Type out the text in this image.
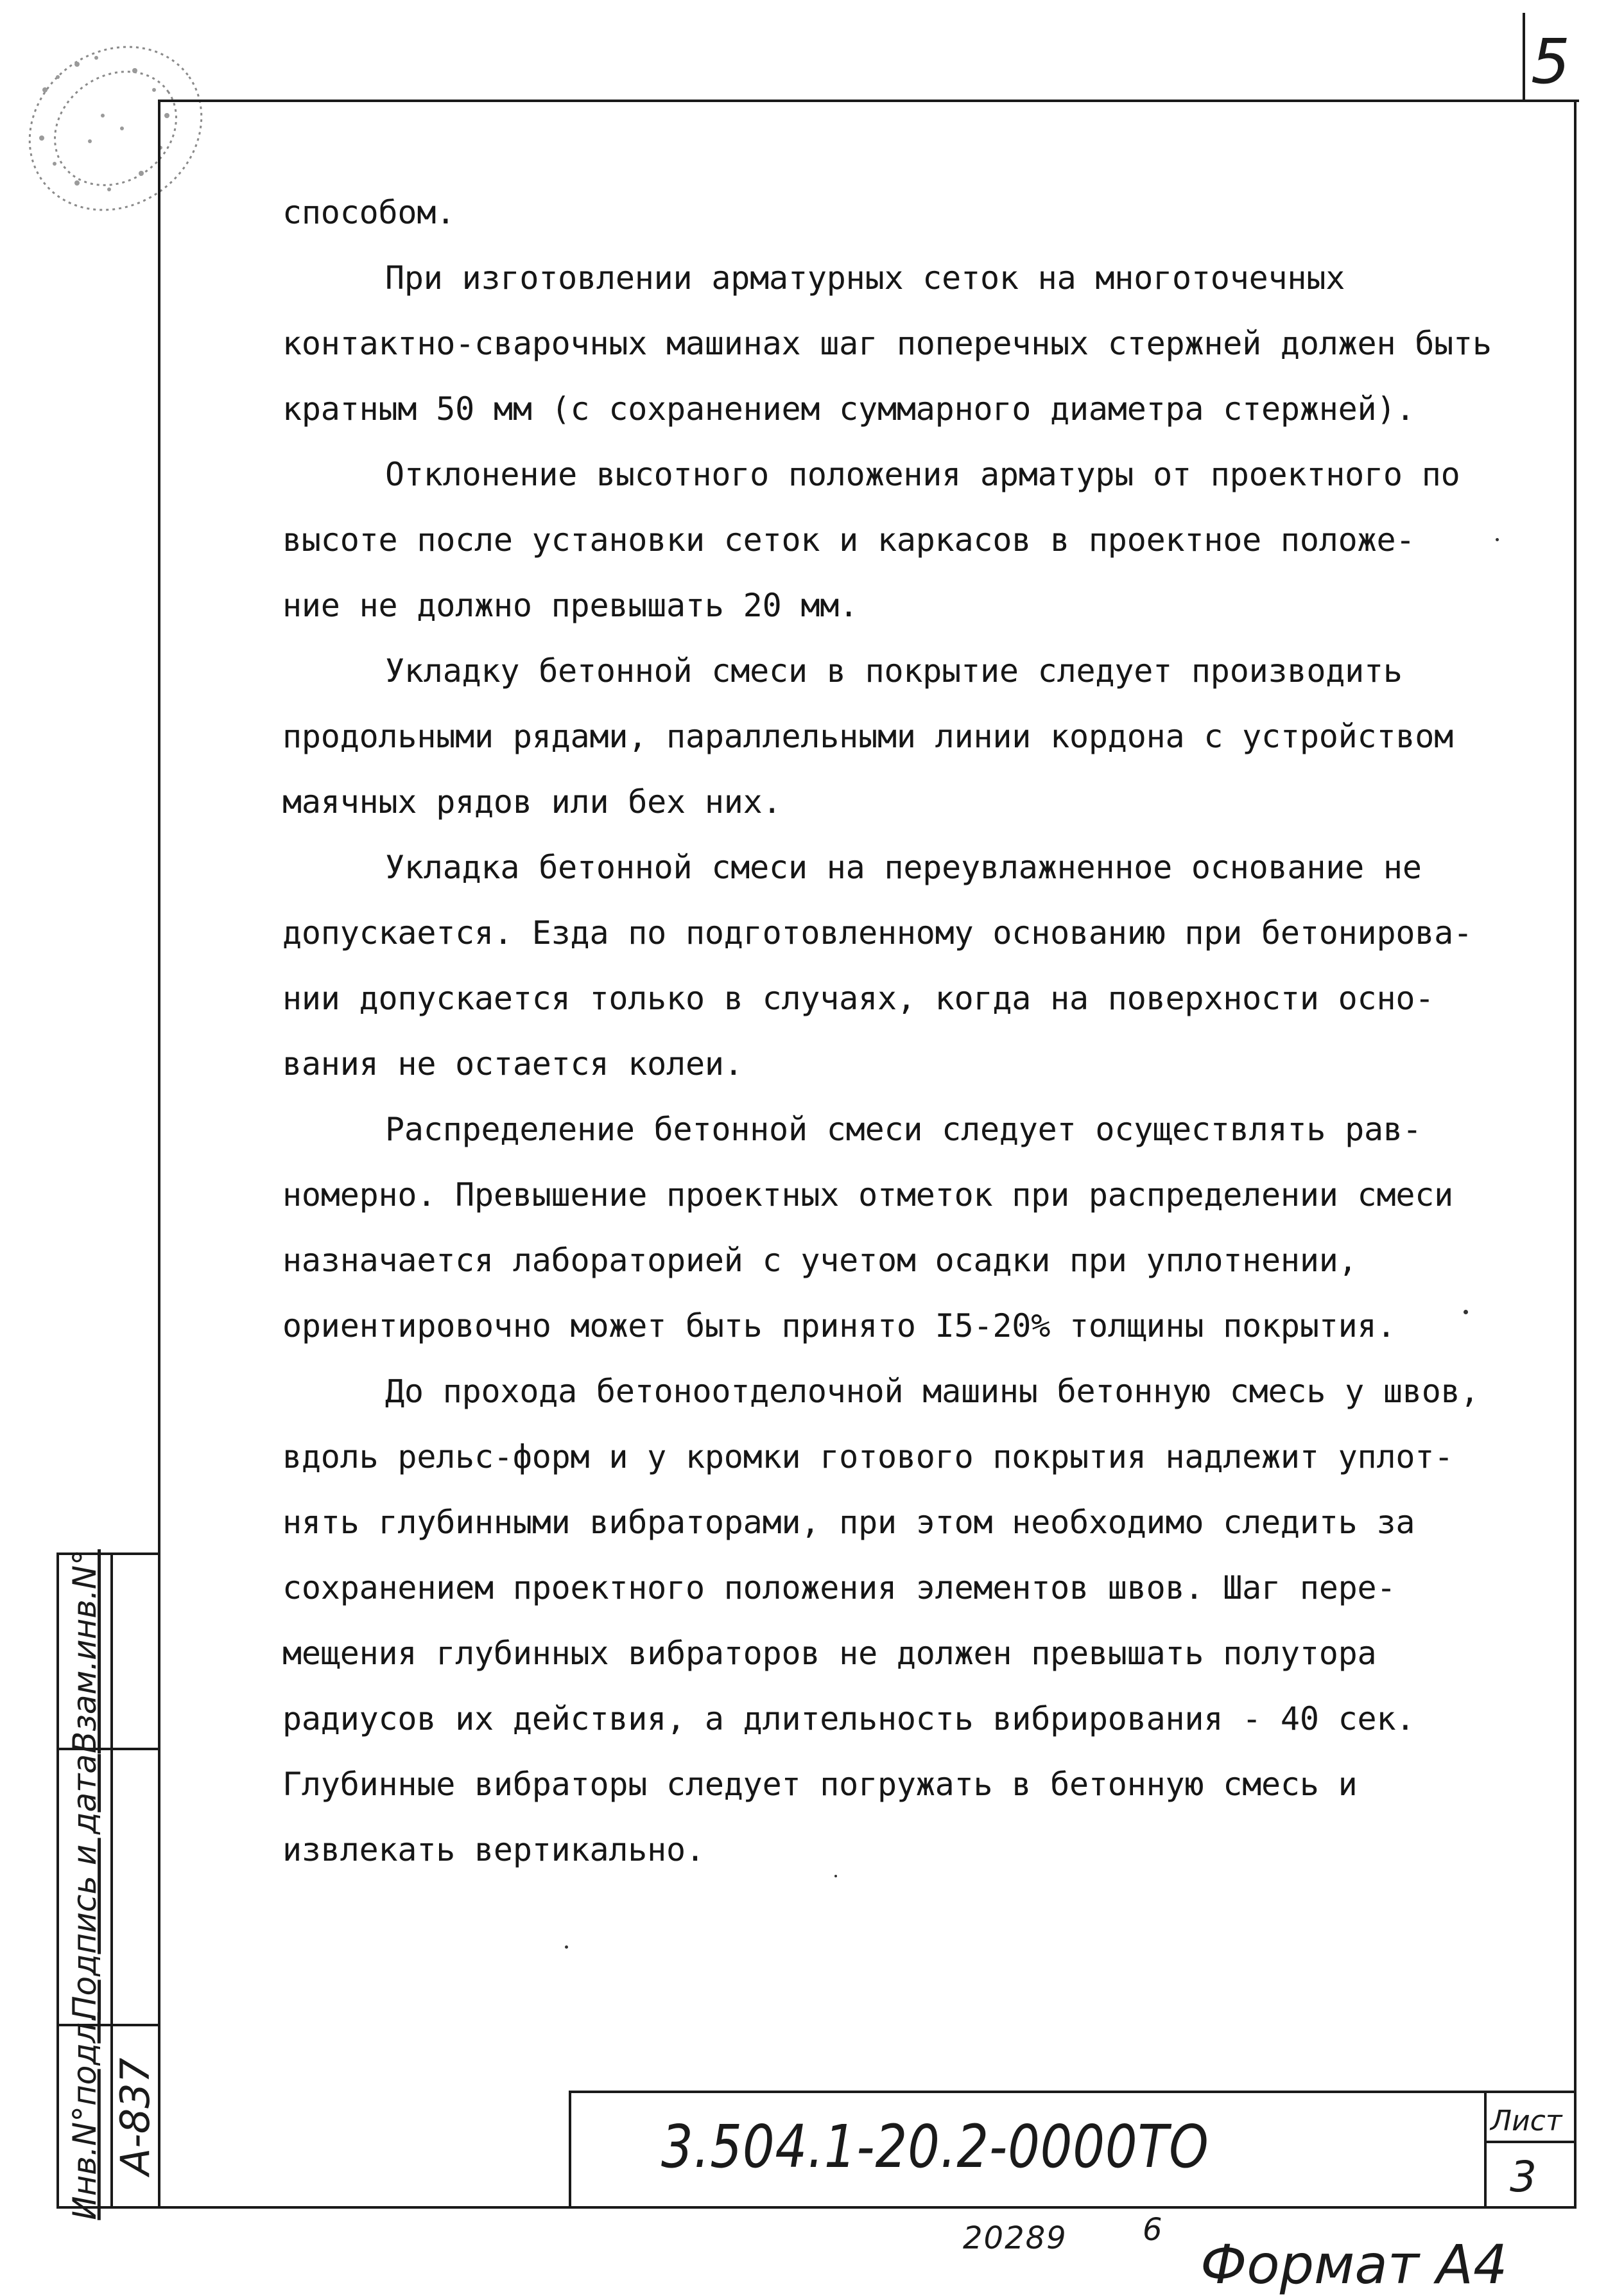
5
Взам.инв.N°
Подпись и дата
Инв.N°подл. А-837
способом.
При изготовлении арматурных сеток на многоточечных
контактно-сварочных машинах шаг поперечных стержней должен быть
кратным 50 мм (с сохранением суммарного диаметра стержней).
Отклонение высотного положения арматуры от проектного по
высоте после установки сеток и каркасов в проектное положе-
ние не должно превышать 20 мм.
Укладку бетонной смеси в покрытие следует производить
продольными рядами, параллельными линии кордона с устройством
маячных рядов или бех них.
Укладка бетонной смеси на переувлажненное основание не
допускается. Езда по подготовленному основанию при бетонирова-
нии допускается только в случаях, когда на поверхности осно-
вания не остается колеи.
Распределение бетонной смеси следует осуществлять рав-
номерно. Превышение проектных отметок при распределении смеси
назначается лабораторией с учетом осадки при уплотнении,
ориентировочно может быть принято I5-20% толщины покрытия.
До прохода бетоноотделочной машины бетонную смесь у швов,
вдоль рельс-форм и у кромки готового покрытия надлежит уплот-
нять глубинными вибраторами, при этом необходимо следить за
сохранением проектного положения элементов швов. Шаг пере-
мещения глубинных вибраторов не должен превышать полутора
радиусов их действия, а длительность вибрирования - 40 сек.
Глубинные вибраторы следует погружать в бетонную смесь и
извлекать вертикально.
3.504.1-20.2-0000ТО	Лист
3
20289 6
Формат А4
